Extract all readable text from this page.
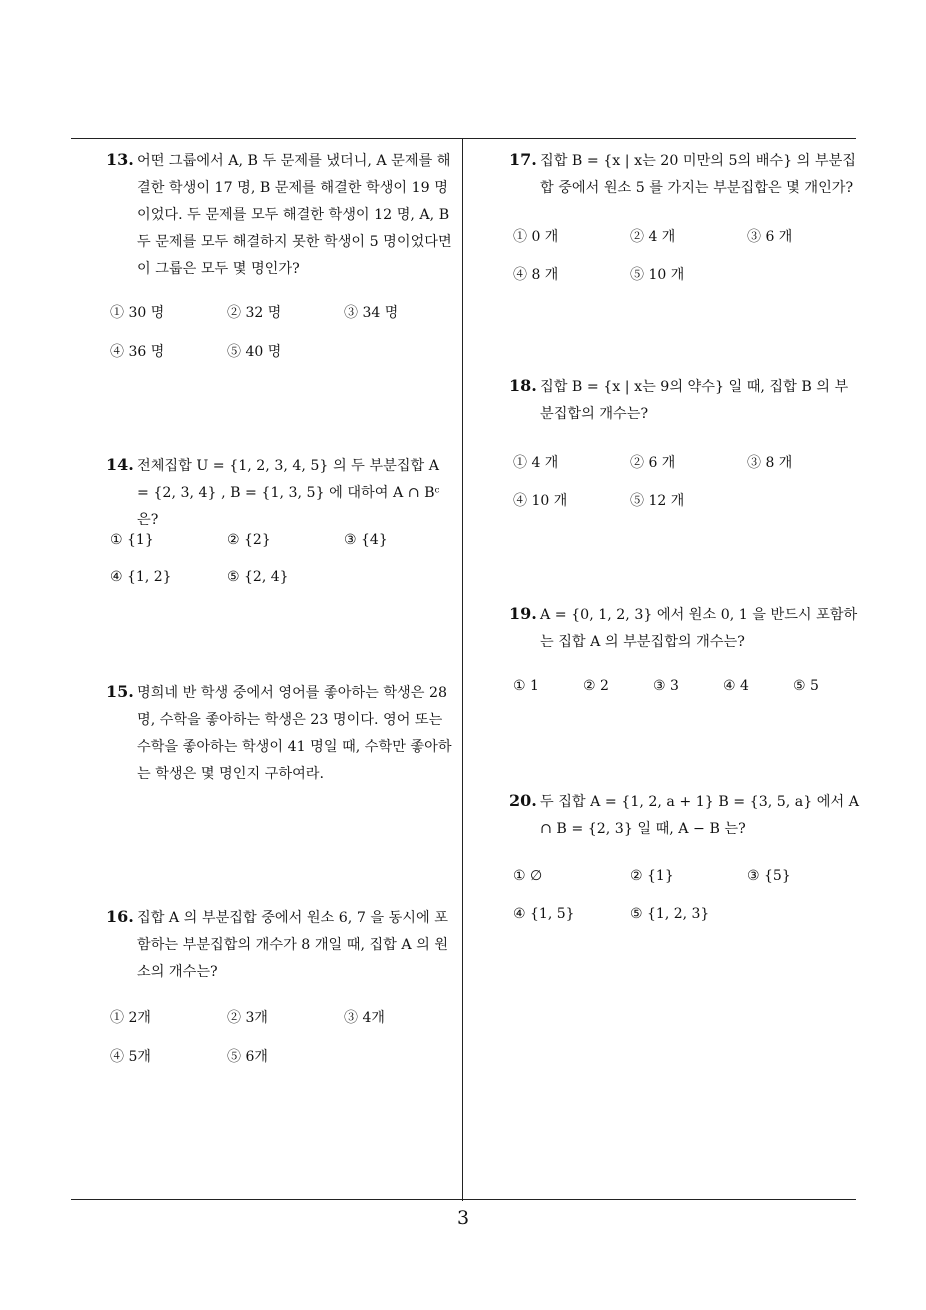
13. 어떤 그룹에서 A, B 두 문제를 냈더니, A 문제를 해결한 학생이 17 명, B 문제를 해결한 학생이 19 명이었다. 두 문제를 모두 해결한 학생이 12 명, A, B 두 문제를 모두 해결하지 못한 학생이 5 명이었다면 이 그룹은 모두 몇 명인가?

① 30 명	② 32 명	③ 34 명
④ 36 명	⑤ 40 명

14. 전체집합 U = {1, 2, 3, 4, 5} 의 두 부분집합 A = {2, 3, 4} , B = {1, 3, 5} 에 대하여 A ∩ Bᶜ 은?

① {1}	② {2}	③ {4}
④ {1, 2}	⑤ {2, 4}

15. 명희네 반 학생 중에서 영어를 좋아하는 학생은 28 명, 수학을 좋아하는 학생은 23 명이다. 영어 또는 수학을 좋아하는 학생이 41 명일 때, 수학만 좋아하는 학생은 몇 명인지 구하여라.

16. 집합 A 의 부분집합 중에서 원소 6, 7 을 동시에 포함하는 부분집합의 개수가 8 개일 때, 집합 A 의 원소의 개수는?

① 2개	② 3개	③ 4개
④ 5개	⑤ 6개

17. 집합 B = {x | x는 20 미만의 5의 배수} 의 부분집합 중에서 원소 5 를 가지는 부분집합은 몇 개인가?

① 0 개	② 4 개	③ 6 개
④ 8 개	⑤ 10 개

18. 집합 B = {x | x는 9의 약수} 일 때, 집합 B 의 부분집합의 개수는?

① 4 개	② 6 개	③ 8 개
④ 10 개	⑤ 12 개

19. A = {0, 1, 2, 3} 에서 원소 0, 1 을 반드시 포함하는 집합 A 의 부분집합의 개수는?

① 1	② 2	③ 3	④ 4	⑤ 5

20. 두 집합 A = {1, 2, a + 1} B = {3, 5, a} 에서 A ∩ B = {2, 3} 일 때, A − B 는?

① ∅	② {1}	③ {5}
④ {1, 5}	⑤ {1, 2, 3}
3
